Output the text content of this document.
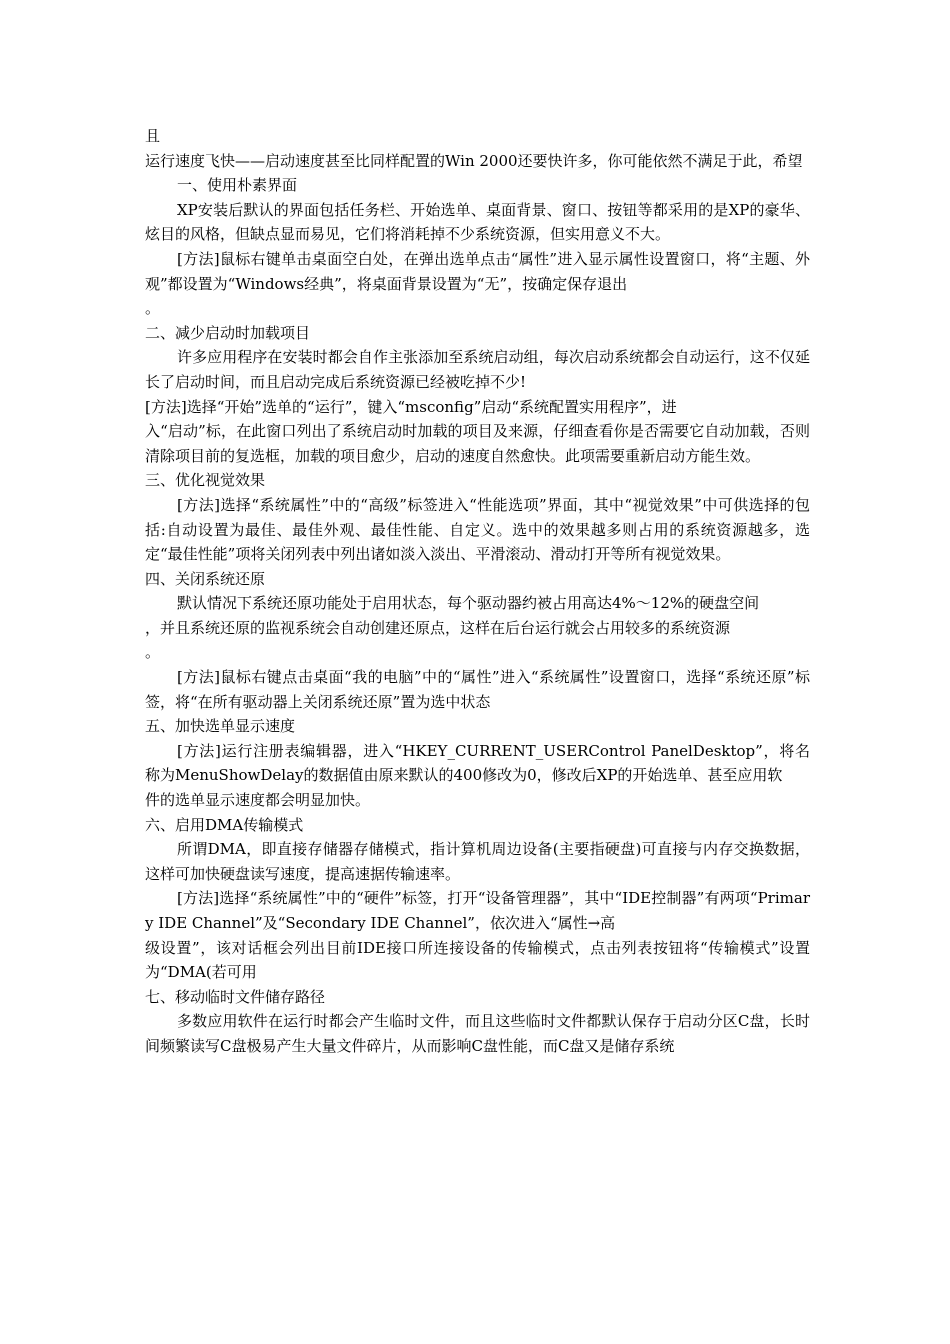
且

运行速度飞快——启动速度甚至比同样配置的Win 2000还要快许多，你可能依然不满足于此，希望

一、使用朴素界面

XP安装后默认的界面包括任务栏、开始选单、桌面背景、窗口、按钮等都采用的是XP的豪华、炫目的风格，但缺点显而易见，它们将消耗掉不少系统资源，但实用意义不大。

[方法]鼠标右键单击桌面空白处，在弹出选单点击“属性”进入显示属性设置窗口，将“主题、外观”都设置为“Windows经典”，将桌面背景设置为“无”，按确定保存退出

。

二、减少启动时加载项目

许多应用程序在安装时都会自作主张添加至系统启动组，每次启动系统都会自动运行，这不仅延长了启动时间，而且启动完成后系统资源已经被吃掉不少!

[方法]选择“开始”选单的“运行”，键入“msconfig”启动“系统配置实用程序”，进

入“启动”标，在此窗口列出了系统启动时加载的项目及来源，仔细查看你是否需要它自动加载，否则清除项目前的复选框，加载的项目愈少，启动的速度自然愈快。此项需要重新启动方能生效。

三、优化视觉效果

[方法]选择“系统属性”中的“高级”标签进入“性能选项”界面，其中“视觉效果”中可供选择的包括:自动设置为最佳、最佳外观、最佳性能、自定义。选中的效果越多则占用的系统资源越多，选定“最佳性能”项将关闭列表中列出诸如淡入淡出、平滑滚动、滑动打开等所有视觉效果。

四、关闭系统还原

默认情况下系统还原功能处于启用状态，每个驱动器约被占用高达4%～12%的硬盘空间

，并且系统还原的监视系统会自动创建还原点，这样在后台运行就会占用较多的系统资源

。

[方法]鼠标右键点击桌面“我的电脑”中的“属性”进入“系统属性”设置窗口，选择“系统还原”标签，将“在所有驱动器上关闭系统还原”置为选中状态

五、加快选单显示速度

[方法]运行注册表编辑器，进入“HKEY_CURRENT_USERControl PanelDesktop”，将名称为MenuShowDelay的数据值由原来默认的400修改为0，修改后XP的开始选单、甚至应用软

件的选单显示速度都会明显加快。

六、启用DMA传输模式

所谓DMA，即直接存储器存储模式，指计算机周边设备(主要指硬盘)可直接与内存交换数据，这样可加快硬盘读写速度，提高速据传输速率。

[方法]选择“系统属性”中的“硬件”标签，打开“设备管理器”，其中“IDE控制器”有两项“Primary IDE Channel”及“Secondary IDE Channel”，依次进入“属性→高

级设置”，该对话框会列出目前IDE接口所连接设备的传输模式，点击列表按钮将“传输模式”设置为“DMA(若可用

七、移动临时文件储存路径

多数应用软件在运行时都会产生临时文件，而且这些临时文件都默认保存于启动分区C盘，长时间频繁读写C盘极易产生大量文件碎片，从而影响C盘性能，而C盘又是储存系统
